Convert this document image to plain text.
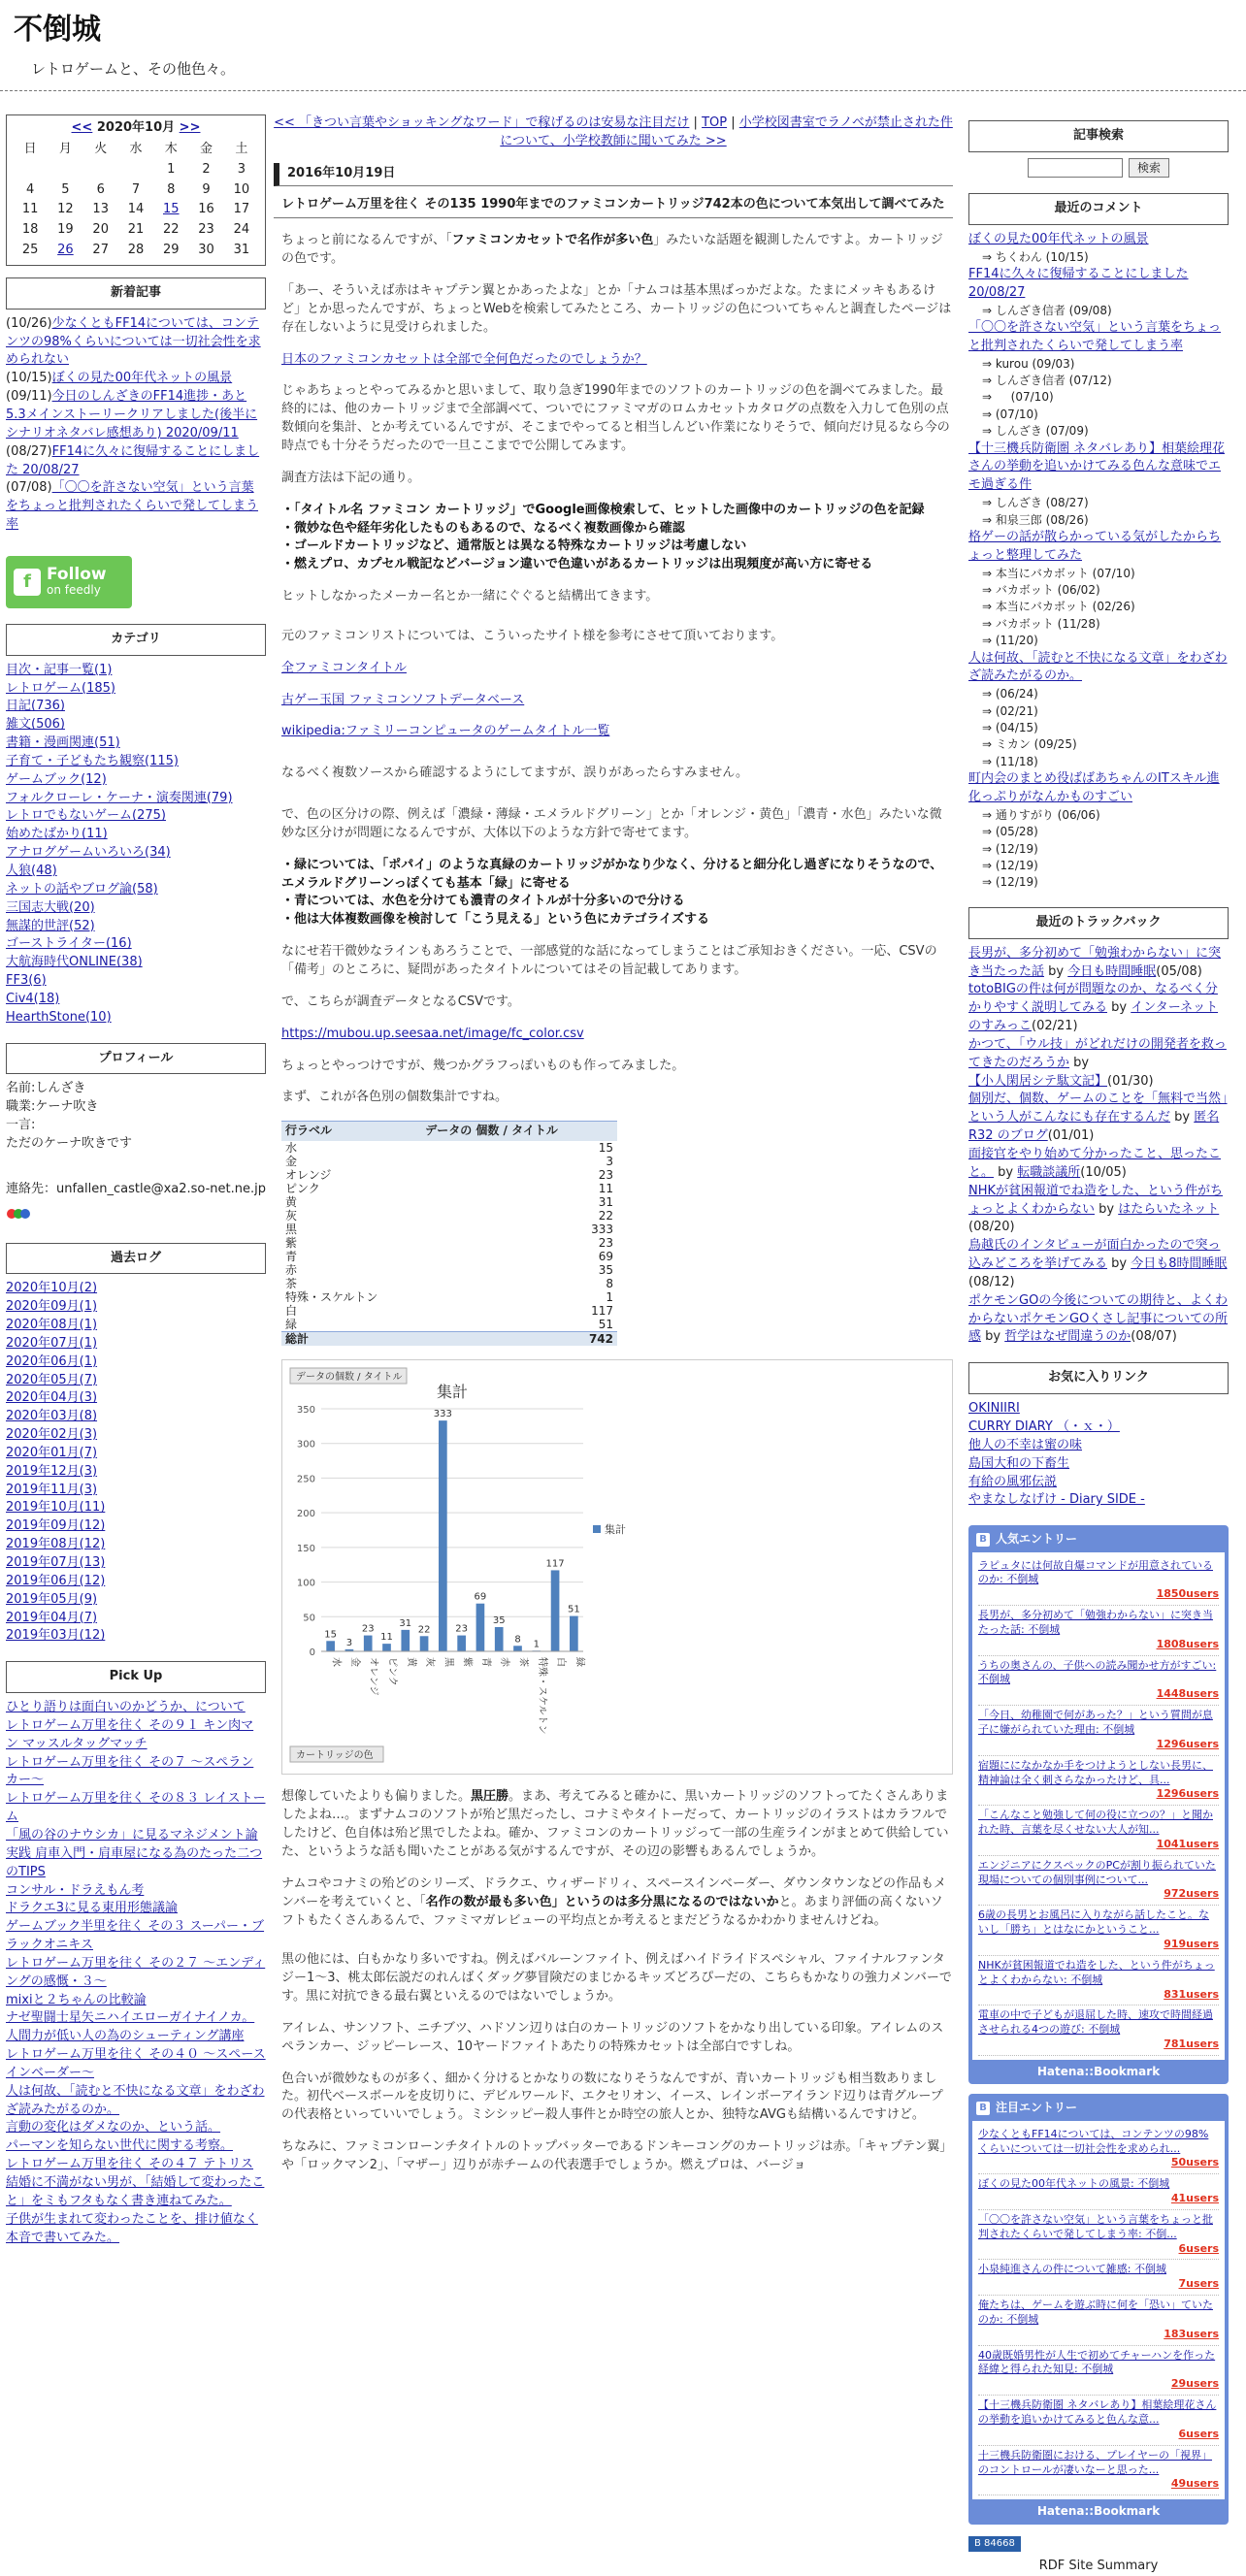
不倒城
レトロゲームと、その他色々。
<< 2020年10月 >>
日	月	火	水	木	金	土
				1	2	3
4	5	6	7	8	9	10
11	12	13	14	15	16	17
18	19	20	21	22	23	24
25	26	27	28	29	30	31
新着記事
(10/26)少なくともFF14については、コンテンツの98%くらいについては一切社会性を求められない
(10/15)ぼくの見た00年代ネットの風景
(09/11)今日のしんざきのFF14進捗・あと5.3メインストーリークリアしました(後半にシナリオネタバレ感想あり) 2020/09/11
(08/27)FF14に久々に復帰することにしました 20/08/27
(07/08)「〇〇を許さない空気」という言葉をちょっと批判されたくらいで発してしまう率
f Follow
on feedly
カテゴリ
目次・記事一覧(1)
レトロゲーム(185)
日記(736)
雑文(506)
書籍・漫画関連(51)
子育て・子どもたち観察(115)
ゲームブック(12)
フォルクローレ・ケーナ・演奏関連(79)
レトロでもないゲーム(275)
始めたばかり(11)
アナログゲームいろいろ(34)
人狼(48)
ネットの話やブログ論(58)
三国志大戦(20)
無謀的世評(52)
ゴーストライター(16)
大航海時代ONLINE(38)
FF3(6)
Civ4(18)
HearthStone(10)
プロフィール
名前:しんざき
職業:ケーナ吹き
一言:
ただのケーナ吹きです
連絡先：unfallen_castle@xa2.so-net.ne.jp
過去ログ
2020年10月(2)
2020年09月(1)
2020年08月(1)
2020年07月(1)
2020年06月(1)
2020年05月(7)
2020年04月(3)
2020年03月(8)
2020年02月(3)
2020年01月(7)
2019年12月(3)
2019年11月(3)
2019年10月(11)
2019年09月(12)
2019年08月(12)
2019年07月(13)
2019年06月(12)
2019年05月(9)
2019年04月(7)
2019年03月(12)
Pick Up
ひとり語りは面白いのかどうか、について
レトロゲーム万里を往く その９１ キン肉マン マッスルタッグマッチ
レトロゲーム万里を往く その７ ～スペランカー～
レトロゲーム万里を往く その８３ レイストーム
「風の谷のナウシカ」に見るマネジメント論
実践 肩車入門・肩車屋になる為のたった二つのTIPS
コンサル・ドラえもん考
ドラクエ3に見る東用形態議論
ゲームブック半里を往く その３ スーパー・ブラックオニキス
レトロゲーム万里を往く その２７ ～エンディングの感慨・３～
mixiと２ちゃんの比較論
ナゼ聖闘士星矢ニハイエローガイナイノカ。
人間力が低い人の為のシューティング講座
レトロゲーム万里を往く その４０ ～スペースインベーダー～
人は何故、「読むと不快になる文章」をわざわざ読みたがるのか。
言動の変化はダメなのか、という話。
パーマンを知らない世代に関する考察。
レトロゲーム万里を往く その４７ テトリス
結婚に不満がない男が、「結婚して変わったこと」をミもフタもなく書き連ねてみた。
子供が生まれて変わったことを、排け値なく本音で書いてみた。
<< 「きつい言葉やショッキングなワード」で稼げるのは安易な注目だけ | TOP | 小学校図書室でラノベが禁止された件について、小学校教師に聞いてみた >>
2016年10月19日
レトロゲーム万里を往く その135 1990年までのファミコンカートリッジ742本の色について本気出して調べてみた

ちょっと前になるんですが、「ファミコンカセットで名作が多い色」みたいな話題を観測したんですよ。カートリッジの色です。

「あー、そういえば赤はキャプテン翼とかあったよな」とか「ナムコは基本黒ばっかだよな。たまにメッキもあるけど」とか思ったんですが、ちょっとWebを検索してみたところ、カートリッジの色についてちゃんと調査したページは存在しないように見受けられました。

日本のファミコンカセットは全部で全何色だったのでしょうか？

じゃあちょっとやってみるかと思いまして、取り急ぎ1990年までのソフトのカートリッジの色を調べてみました。最終的には、他のカートリッジまで全部調べて、ついでにファミマガのロムカセットカタログの点数を入力して色別の点数傾向を集計、とか考えているんですが、そこまでやってると相当しんどい作業になりそうで、傾向だけ見るなら今の時点でも十分そうだったので一旦ここまでで公開してみます。

調査方法は下記の通り。

・「タイトル名 ファミコン カートリッジ」でGoogle画像検索して、ヒットした画像中のカートリッジの色を記録
・微妙な色や経年劣化したものもあるので、なるべく複数画像から確認
・ゴールドカートリッジなど、通常版とは異なる特殊なカートリッジは考慮しない
・燃えプロ、カプセル戦記などバージョン違いで色違いがあるカートリッジは出現頻度が高い方に寄せる

ヒットしなかったメーカー名とか一緒にぐぐると結構出てきます。

元のファミコンリストについては、こういったサイト様を参考にさせて頂いております。

全ファミコンタイトル

古ゲー玉国 ファミコンソフトデータベース

wikipedia:ファミリーコンピュータのゲームタイトル一覧

なるべく複数ソースから確認するようにしてますが、誤りがあったらすみません。

で、色の区分けの際、例えば「濃緑・薄緑・エメラルドグリーン」とか「オレンジ・黄色」「濃青・水色」みたいな微妙な区分けが問題になるんですが、大体以下のような方針で寄せてます。

・緑については、「ポパイ」のような真緑のカートリッジがかなり少なく、分けると細分化し過ぎになりそうなので、エメラルドグリーンっぽくても基本「緑」に寄せる
・青については、水色を分けても濃青のタイトルが十分多いので分ける
・他は大体複数画像を検討して「こう見える」という色にカテゴライズする

なにせ若干微妙なラインもあろうことで、一部感覚的な話になってしまうことはご承知おきください。一応、CSVの「備考」のところに、疑問があったタイトルについてはその旨記載してあります。

で、こちらが調査データとなるCSVです。

https://mubou.up.seesaa.net/image/fc_color.csv

ちょっとやっつけですが、幾つかグラフっぽいものも作ってみました。

まず、これが各色別の個数集計ですね。

行ラベル	データの 個数 / タイトル
水	15
金	3
オレンジ	23
ピンク	11
黄	31
灰	22
黒	333
紫	23
青	69
赤	35
茶	8
特殊・スケルトン	1
白	117
緑	51
総計	742
データの個数 / タイトル
集計
0
50
100
150
200
250
300
350
15
水
3
金
23
オレンジ
11
ピンク
31
黄
22
灰
333
黒
23
紫
69
青
35
赤
8
茶
1
特殊・スケルトン
117
白
51
緑
集計
カートリッジの色

想像していたよりも偏りました。黒圧勝。まあ、考えてみると確かに、黒いカートリッジのソフトってたくさんありましたよね…。まずナムコのソフトが殆ど黒だったし、コナミやタイトーだって、カートリッジのイラストはカラフルでしたけど、色自体は殆ど黒でしたよね。確か、ファミコンのカートリッジって一部の生産ラインがまとめて供給していた、というような話も聞いたことがある気がするんですが、その辺の影響もあるんでしょうか。

ナムコやコナミの殆どのシリーズ、ドラクエ、ウィザードリィ、スペースインベーダー、ダウンタウンなどの作品もメンバーを考えていくと、「名作の数が最も多い色」というのは多分黒になるのではないかと。あまり評価の高くないソフトもたくさんあるんで、ファミマガレビューの平均点とか考えるとまだどうなるかわかりませんけどね。

黒の他には、白もかなり多いですね。例えばバルーンファイト、例えばハイドライドスペシャル、ファイナルファンタジー1～3、桃太郎伝説だのれんばくダッグ夢冒険だのまじかるキッズどろぴーだの、こちらもかなりの強力メンバーです。黒に対抗できる最右翼といえるのではないでしょうか。

アイレム、サンソフト、ニチブツ、ハドソン辺りは白のカートリッジのソフトをかなり出している印象。アイレムのスペランカー、ジッピーレース、10ヤードファイトあたりの特殊カセットは全部白ですしね。

色合いが微妙なものが多く、細かく分けるとかなりの数になりそうなんですが、青いカートリッジも相当数ありました。初代ベースボールを皮切りに、デビルワールド、エクセリオン、イース、レインボーアイランド辺りは青グループの代表格といっていいでしょう。ミシシッピー殺人事件とか時空の旅人とか、独特なAVGも結構いるんですけど。

ちなみに、ファミコンローンチタイトルのトップバッターであるドンキーコングのカートリッジは赤。「キャプテン翼」や「ロックマン2」、「マザー」辺りが赤チームの代表選手でしょうか。燃えプロは、バージョ

記事検索
検索
最近のコメント
ぼくの見た00年代ネットの風景
⇒ ちくわん (10/15)
FF14に久々に復帰することにしました 20/08/27
⇒ しんざき信者 (09/08)
「〇〇を許さない空気」という言葉をちょっと批判されたくらいで発してしまう率
⇒ kurou (09/03)
⇒ しんざき信者 (07/12)
⇒ 　 (07/10)
⇒ (07/10)
⇒ しんざき (07/09)
【十三機兵防衛圏 ネタバレあり】相葉絵理花さんの挙動を追いかけてみる色んな意味でエモ過ぎる件
⇒ しんざき (08/27)
⇒ 和泉三郎 (08/26)
格ゲーの話が散らかっている気がしたからちょっと整理してみた
⇒ 本当にバカボット (07/10)
⇒ バカボット (06/02)
⇒ 本当にバカボット (02/26)
⇒ バカボット (11/28)
⇒ (11/20)
人は何故、「読むと不快になる文章」をわざわざ読みたがるのか。
⇒ (06/24)
⇒ (02/21)
⇒ (04/15)
⇒ ミカン (09/25)
⇒ (11/18)
町内会のまとめ役ばばあちゃんのITスキル進化っぷりがなんかものすごい
⇒ 通りすがり (06/06)
⇒ (05/28)
⇒ (12/19)
⇒ (12/19)
⇒ (12/19)
最近のトラックバック
長男が、多分初めて「勉強わからない」に突き当たった話 by 今日も時間睡眠(05/08)
totoBIGの件は何が問題なのか、なるべく分かりやすく説明してみる by インターネットのすみっこ(02/21)
かつて、「ウル技」がどれだけの開発者を救ってきたのだろうか by 【小人閑居シテ駄文記】(01/30)
個別だ、個数、ゲームのことを「無料で当然」という人がこんなにも存在するんだ by 匿名 R32 のブログ(01/01)
面接官をやり始めて分かったこと、思ったこと。 by 転職談議所(10/05)
NHKが貧困報道でね造をした、という件がちょっとよくわからない by はたらいたネット(08/20)
鳥越氏のインタビューが面白かったので突っ込みどころを挙げてみる by 今日も8時間睡眠(08/12)
ポケモンGOの今後についての期待と、よくわからないポケモンGOくさし記事についての所感 by 哲学はなぜ間違うのか(08/07)
お気に入りリンク
OKINIIRI
CURRY DIARY （・ｘ・）
他人の不幸は蜜の味
島国大和の下畜生
有給の風邪伝説
やまなしなげけ - Diary SIDE -
B 人気エントリー
ラピュタには何故自爆コマンドが用意されているのか: 不倒城
1850users
長男が、多分初めて「勉強わからない」に突き当たった話: 不倒城
1808users
うちの奥さんの、子供への読み聞かせ方がすごい: 不倒城
1448users
「今日、幼稚園で何があった？」という質問が息子に嫌がられていた理由: 不倒城
1296users
宿題にになかなか手をつけようとしない長男に、精神論は全く刺さらなかったけど、具...
1296users
「こんなこと勉強して何の役に立つの？」と聞かれた時、言葉を尽くせない大人が知...
1041users
エンジニアにクスペックのPCが割り振られていた現場についての個別事例について...
972users
6歳の長男とお風呂に入りながら話したこと。ないし「勝ち」とはなにかということ...
919users
NHKが貧困報道でね造をした、という件がちょっとよくわからない: 不倒城
831users
電車の中で子どもが退屈した時、速攻で時間経過させられる4つの遊び: 不倒城
781users
Hatena::Bookmark
B 注目エントリー
少なくともFF14については、コンテンツの98%くらいについては一切社会性を求められ...
50users
ぼくの見た00年代ネットの風景: 不倒城
41users
「〇〇を許さない空気」という言葉をちょっと批判されたくらいで発してしまう率: 不倒...
6users
小泉純進さんの件について雑感: 不倒城
7users
俺たちは、ゲームを遊ぶ時に何を「恐い」ていたのか: 不倒城
183users
40歳既婚男性が人生で初めてチャーハンを作った経緯と得られた知見: 不倒城
29users
【十三機兵防衛圏 ネタバレあり】相葉絵理花さんの挙動を追いかけてみると色んな意...
6users
十三機兵防衛圏における、プレイヤーの「視界」のコントロールが凄いなーと思った...
49users
Hatena::Bookmark
B 84668
RDF Site Summary
